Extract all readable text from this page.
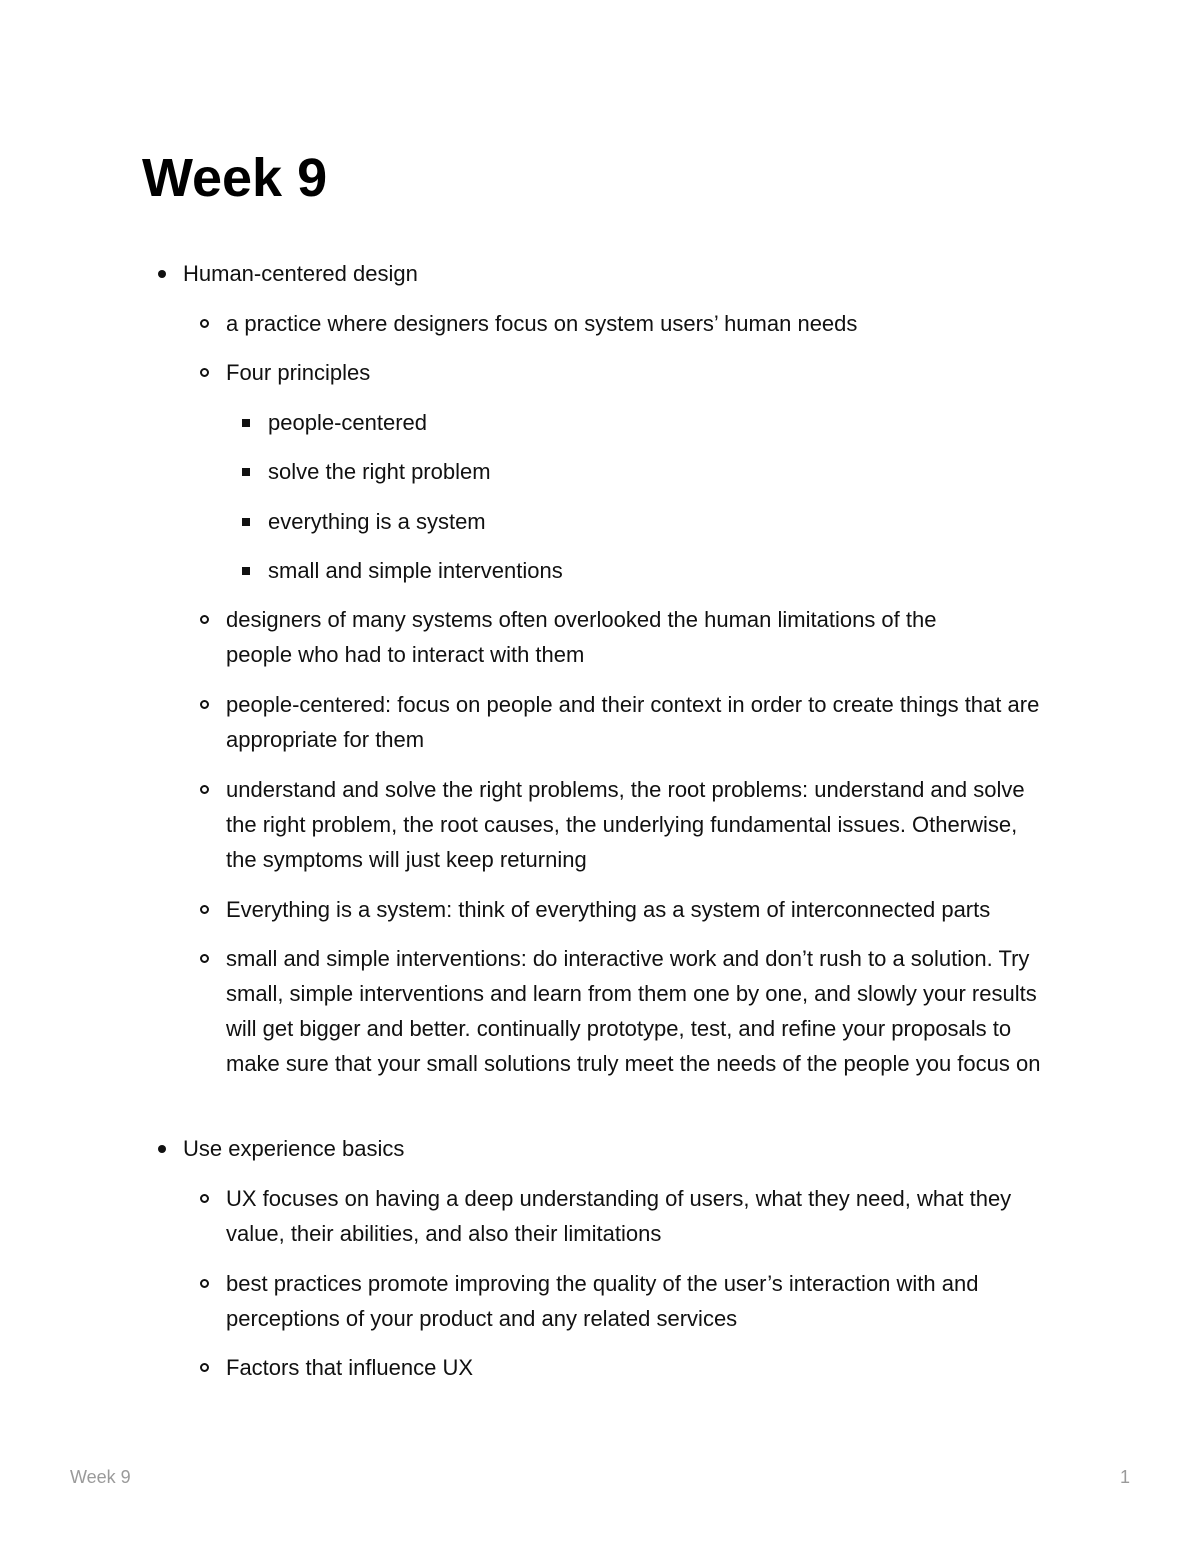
Week 9
Human-centered design
a practice where designers focus on system users’ human needs
Four principles
people-centered
solve the right problem
everything is a system
small and simple interventions
designers of many systems often overlooked the human limitations of the people who had to interact with them
people-centered: focus on people and their context in order to create things that are appropriate for them
understand and solve the right problems, the root problems: understand and solve the right problem, the root causes, the underlying fundamental issues. Otherwise, the symptoms will just keep returning
Everything is a system: think of everything as a system of interconnected parts
small and simple interventions: do interactive work and don’t rush to a solution. Try small, simple interventions and learn from them one by one, and slowly your results will get bigger and better. continually prototype, test, and refine your proposals to make sure that your small solutions truly meet the needs of the people you focus on
Use experience basics
UX focuses on having a deep understanding of users, what they need, what they value, their abilities, and also their limitations
best practices promote improving the quality of the user’s interaction with and perceptions of your product and any related services
Factors that influence UX
Week 9	1
